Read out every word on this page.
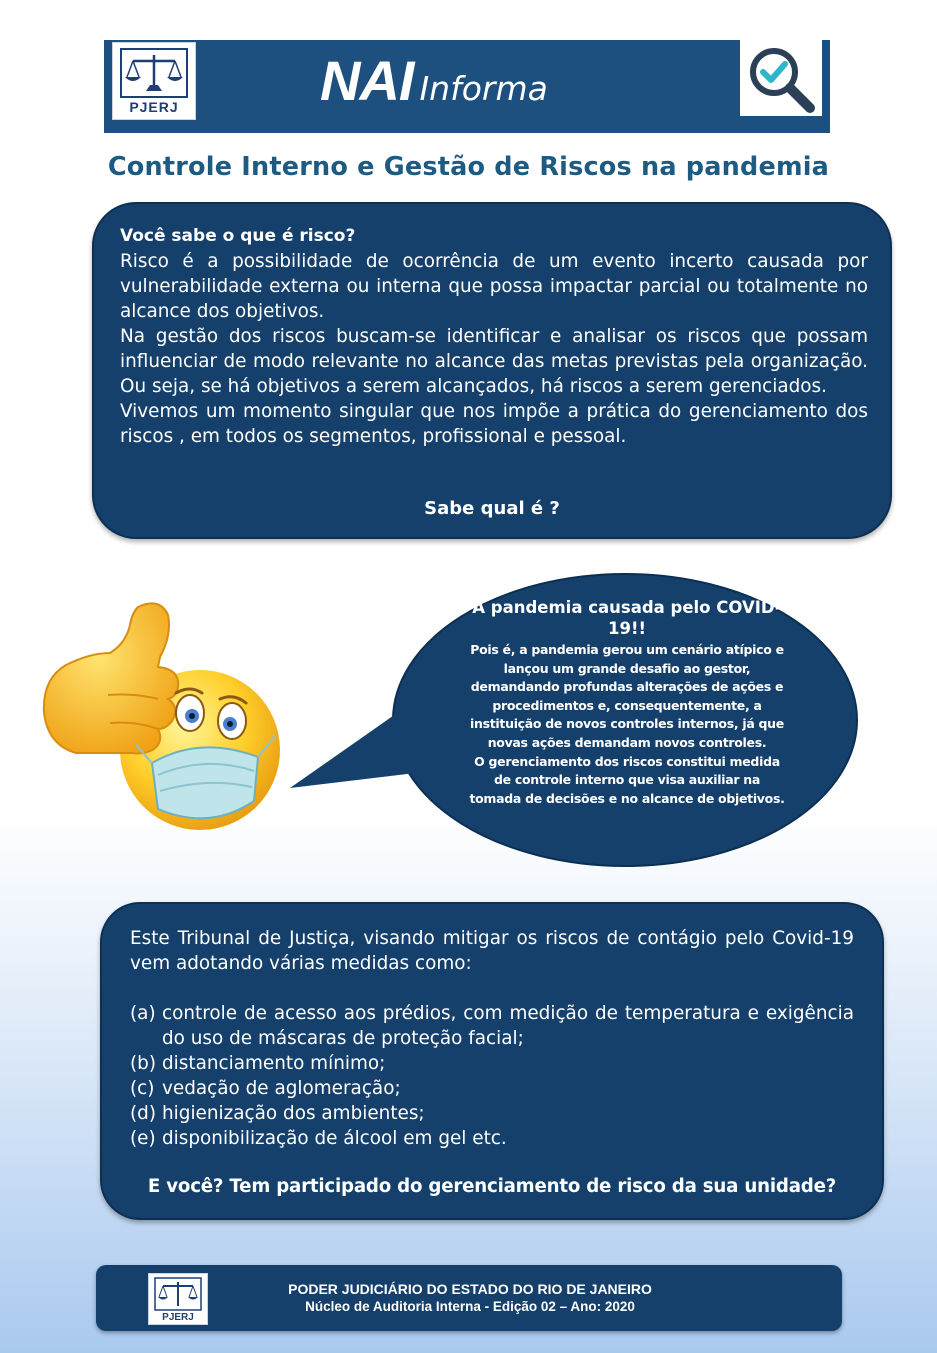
PJERJ	NAI Informa
Controle Interno e Gestão de Riscos na pandemia

Você sabe o que é risco?

Risco é a possibilidade de ocorrência de um evento incerto causada por vulnerabilidade externa ou interna que possa impactar parcial ou totalmente no alcance dos objetivos.

Na gestão dos riscos buscam-se identificar e analisar os riscos que possam influenciar de modo relevante no alcance das metas previstas pela organização. Ou seja, se há objetivos a serem alcançados, há riscos a serem gerenciados.

Vivemos um momento singular que nos impõe a prática do gerenciamento dos riscos , em todos os segmentos, profissional e pessoal.

Sabe qual é ?
A pandemia causada pelo COVID-19!!
Pois é, a pandemia gerou um cenário atípico e lançou um grande desafio ao gestor, demandando profundas alterações de ações e procedimentos e, consequentemente, a instituição de novos controles internos, já que novas ações demandam novos controles.
O gerenciamento dos riscos constitui medida de controle interno que visa auxiliar na tomada de decisões e no alcance de objetivos.

Este Tribunal de Justiça, visando mitigar os riscos de contágio pelo Covid-19 vem adotando várias medidas como:

(a) controle de acesso aos prédios, com medição de temperatura e exigência do uso de máscaras de proteção facial;
(b) distanciamento mínimo;
(c) vedação de aglomeração;
(d) higienização dos ambientes;
(e) disponibilização de álcool em gel etc.
E você? Tem participado do gerenciamento de risco da sua unidade?
PJERJ
PODER JUDICIÁRIO DO ESTADO DO RIO DE JANEIRO
Núcleo de Auditoria Interna - Edição 02 – Ano: 2020
